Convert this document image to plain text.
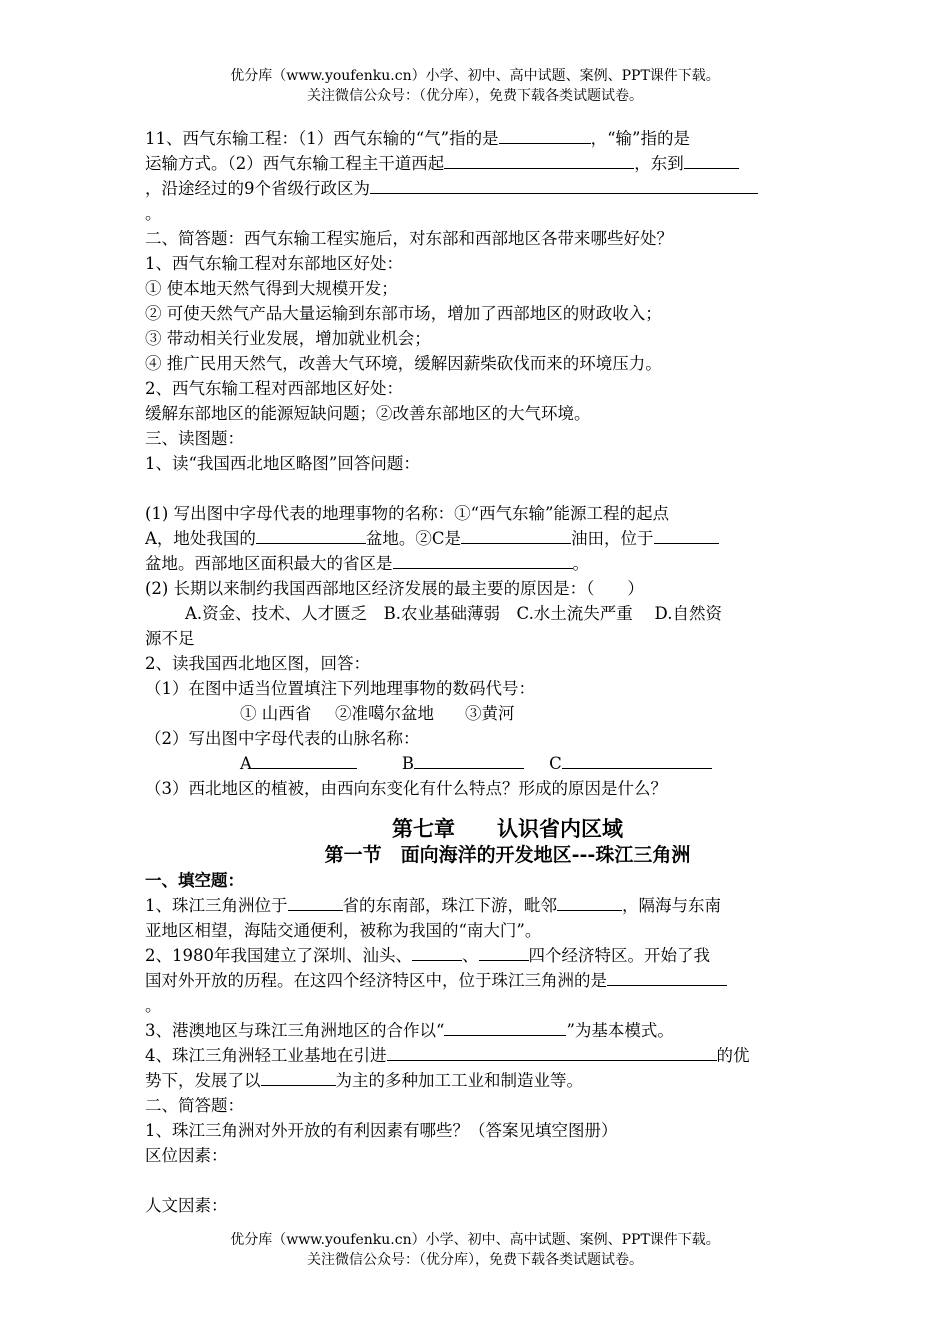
优分库（www.youfenku.cn）小学、初中、高中试题、案例、PPT课件下载。
关注微信公众号：（优分库），免费下载各类试题试卷。
11、西气东输工程：（1）西气东输的“气”指的是	，“输”指的是
运输方式。（2）西气东输工程主干道西起	，东到
，沿途经过的9个省级行政区为
。
二、简答题：西气东输工程实施后，对东部和西部地区各带来哪些好处？
1、西气东输工程对东部地区好处：
① 使本地天然气得到大规模开发；
② 可使天然气产品大量运输到东部市场，增加了西部地区的财政收入；
③ 带动相关行业发展，增加就业机会；
④ 推广民用天然气，改善大气环境，缓解因薪柴砍伐而来的环境压力。
2、西气东输工程对西部地区好处：
缓解东部地区的能源短缺问题；②改善东部地区的大气环境。
三、读图题：
1、读“我国西北地区略图”回答问题：
(1) 写出图中字母代表的地理事物的名称：①“西气东输”能源工程的起点
A，地处我国的	盆地。②C是	油田，位于
盆地。西部地区面积最大的省区是	。
(2) 长期以来制约我国西部地区经济发展的最主要的原因是：（　　）
A.资金、技术、人才匮乏　B.农业基础薄弱　C.水土流失严重　 D.自然资
源不足
2、读我国西北地区图，回答：
（1）在图中适当位置填注下列地理事物的数码代号：
① 山西省 ②准噶尔盆地 ③黄河
（2）写出图中字母代表的山脉名称：
A	B	C
（3）西北地区的植被，由西向东变化有什么特点？形成的原因是什么？
第七章　　认识省内区域
第一节　面向海洋的开发地区---珠江三角洲
一、填空题：
1、珠江三角洲位于	省的东南部，珠江下游，毗邻	，隔海与东南
亚地区相望，海陆交通便利，被称为我国的“南大门”。
2、1980年我国建立了深圳、汕头、	、	四个经济特区。开始了我
国对外开放的历程。在这四个经济特区中，位于珠江三角洲的是
。
3、港澳地区与珠江三角洲地区的合作以“	”为基本模式。
4、珠江三角洲轻工业基地在引进	的优
势下，发展了以	为主的多种加工工业和制造业等。
二、简答题：
1、珠江三角洲对外开放的有利因素有哪些？（答案见填空图册）
区位因素：
人文因素：
优分库（www.youfenku.cn）小学、初中、高中试题、案例、PPT课件下载。
关注微信公众号：（优分库），免费下载各类试题试卷。
